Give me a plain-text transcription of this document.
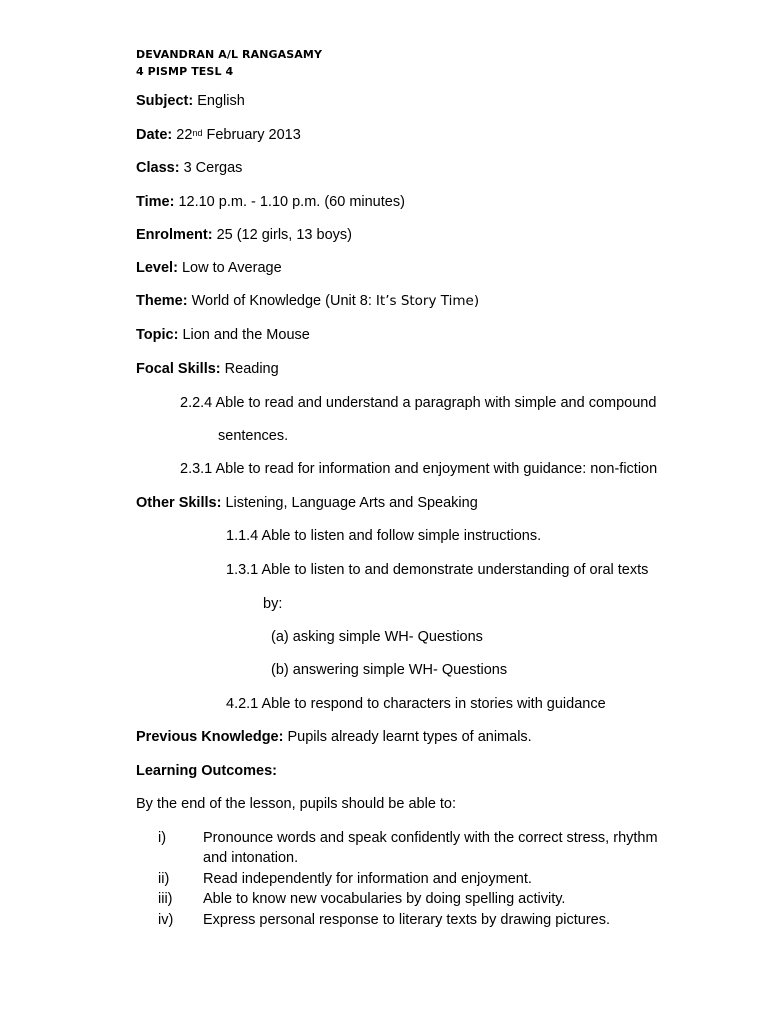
DEVANDRAN A/L RANGASAMY
4 PISMP TESL 4
Subject: English
Date: 22nd February 2013
Class: 3 Cergas
Time: 12.10 p.m. - 1.10 p.m. (60 minutes)
Enrolment: 25 (12 girls, 13 boys)
Level: Low to Average
Theme: World of Knowledge (Unit 8: It’s Story Time)
Topic: Lion and the Mouse
Focal Skills: Reading
2.2.4 Able to read and understand a paragraph with simple and compound
sentences.
2.3.1 Able to read for information and enjoyment with guidance: non-fiction
Other Skills: Listening, Language Arts and Speaking
1.1.4 Able to listen and follow simple instructions.
1.3.1 Able to listen to and demonstrate understanding of oral texts
by:
(a) asking simple WH- Questions
(b) answering simple WH- Questions
4.2.1 Able to respond to characters in stories with guidance
Previous Knowledge: Pupils already learnt types of animals.
Learning Outcomes:
By the end of the lesson, pupils should be able to:
i)	Pronounce words and speak confidently with the correct stress, rhythm and intonation.
ii) Read independently for information and enjoyment.
iii) Able to know new vocabularies by doing spelling activity.
iv) Express personal response to literary texts by drawing pictures.
